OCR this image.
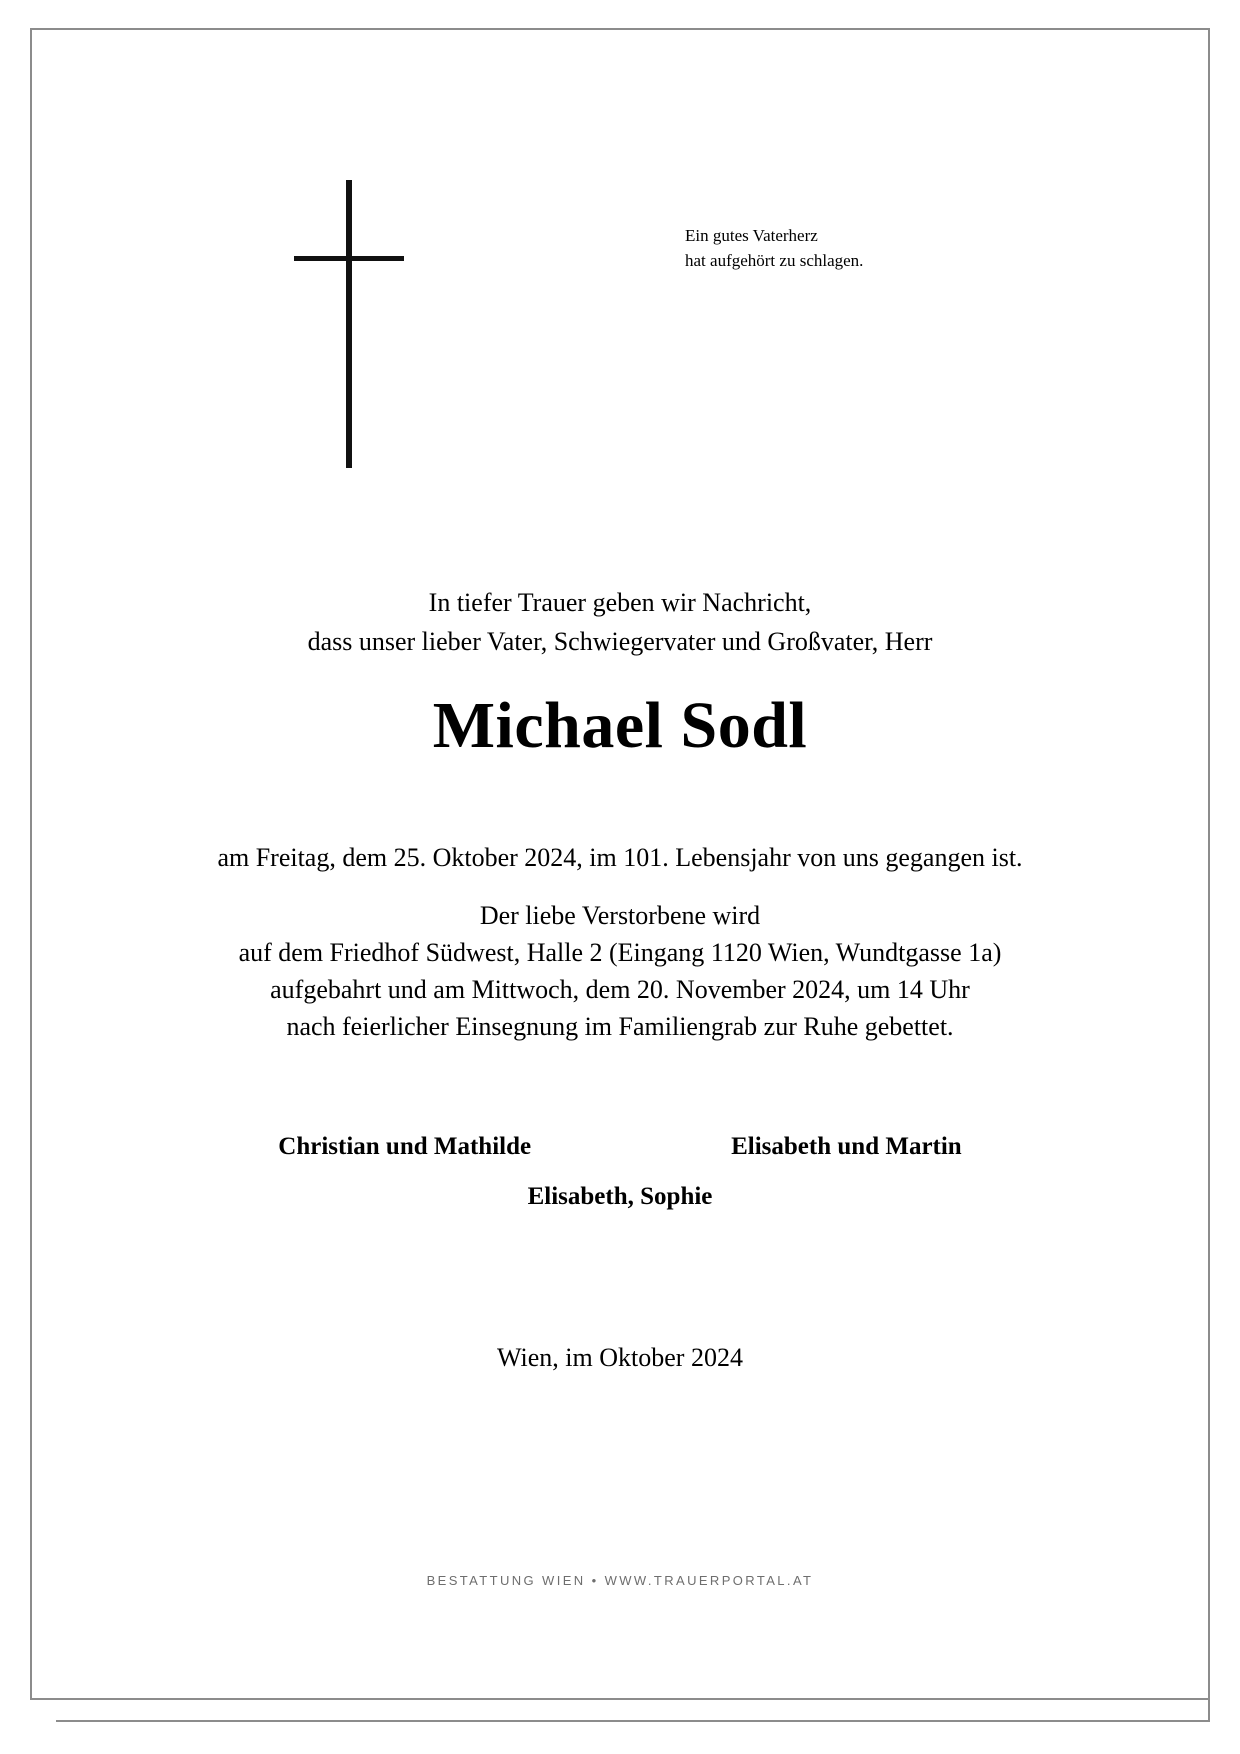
Ein gutes Vaterherz
hat aufgehört zu schlagen.
In tiefer Trauer geben wir Nachricht,
dass unser lieber Vater, Schwiegervater und Großvater, Herr
Michael Sodl
am Freitag, dem 25. Oktober 2024, im 101. Lebensjahr von uns gegangen ist.
Der liebe Verstorbene wird
auf dem Friedhof Südwest, Halle 2 (Eingang 1120 Wien, Wundtgasse 1a)
aufgebahrt und am Mittwoch, dem 20. November 2024, um 14 Uhr
nach feierlicher Einsegnung im Familiengrab zur Ruhe gebettet.
Christian und Mathilde	Elisabeth und Martin
Elisabeth, Sophie
Wien, im Oktober 2024
BESTATTUNG WIEN • WWW.TRAUERPORTAL.AT
